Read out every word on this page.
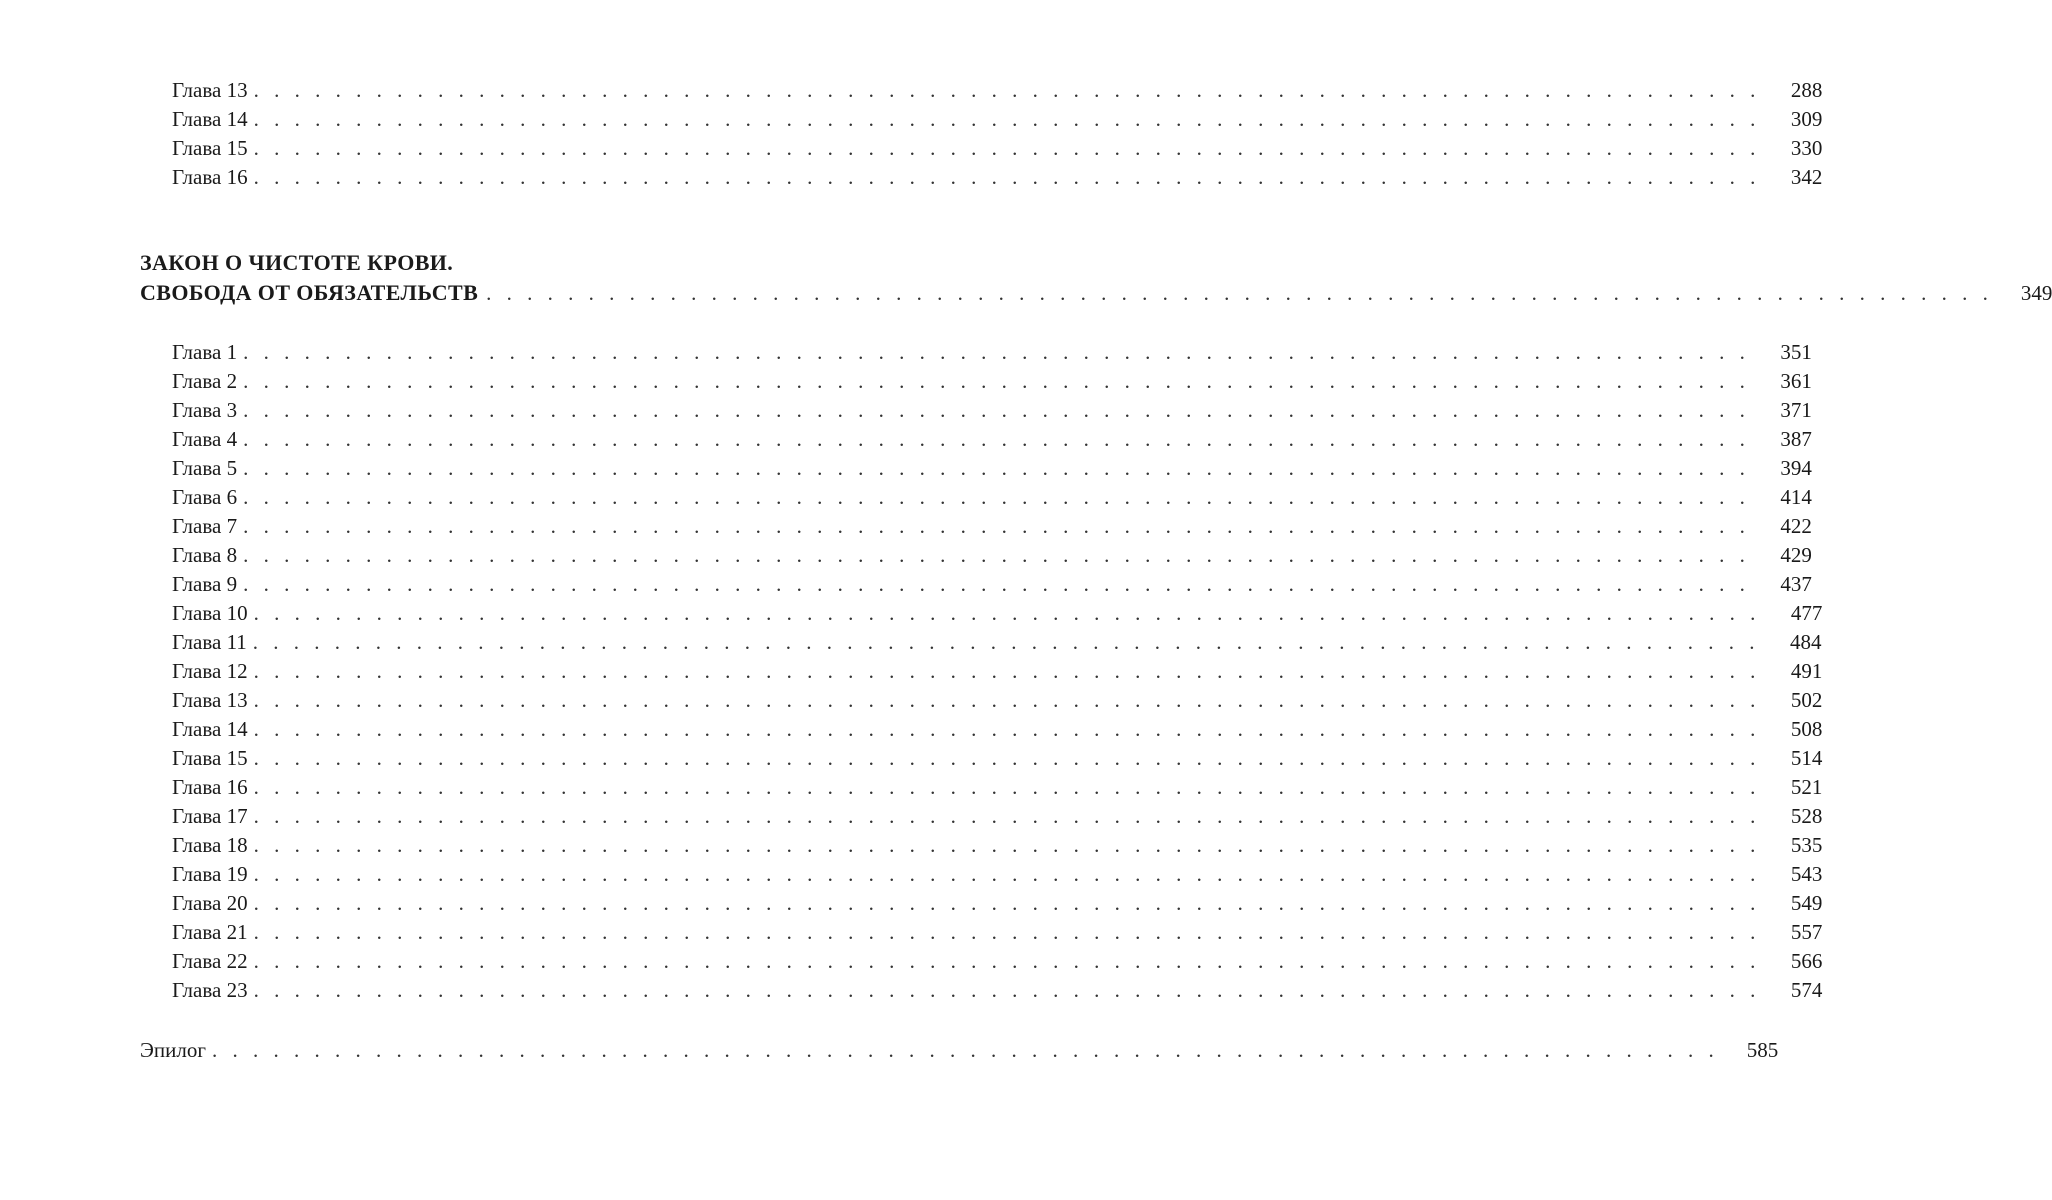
Глава 13 . . . . . . . . . . . . . . . . . . . . . . . . . . . . . . . . . . . . . . . . . . . . . . . . . . . . . . . . . . . . . . . . . . . . . . . . . . 288
Глава 14 . . . . . . . . . . . . . . . . . . . . . . . . . . . . . . . . . . . . . . . . . . . . . . . . . . . . . . . . . . . . . . . . . . . . . . . . . . 309
Глава 15 . . . . . . . . . . . . . . . . . . . . . . . . . . . . . . . . . . . . . . . . . . . . . . . . . . . . . . . . . . . . . . . . . . . . . . . . . . 330
Глава 16 . . . . . . . . . . . . . . . . . . . . . . . . . . . . . . . . . . . . . . . . . . . . . . . . . . . . . . . . . . . . . . . . . . . . . . . . . . 342
ЗАКОН О ЧИСТОТЕ КРОВИ.
СВОБОДА ОТ ОБЯЗАТЕЛЬСТВ . . . . . . . . . . . . . . . . . . . . . . . . . . . . . . . . . . . . . . . . . . . . . . . . . . . . . . . . . . . . . . . . . . . . . . . . . . 349
Глава 1 . . . . . . . . . . . . . . . . . . . . . . . . . . . . . . . . . . . . . . . . . . . . . . . . . . . . . . . . . . . . . . . . . . . . . . . . . . 351
Глава 2 . . . . . . . . . . . . . . . . . . . . . . . . . . . . . . . . . . . . . . . . . . . . . . . . . . . . . . . . . . . . . . . . . . . . . . . . . . 361
Глава 3 . . . . . . . . . . . . . . . . . . . . . . . . . . . . . . . . . . . . . . . . . . . . . . . . . . . . . . . . . . . . . . . . . . . . . . . . . . 371
Глава 4 . . . . . . . . . . . . . . . . . . . . . . . . . . . . . . . . . . . . . . . . . . . . . . . . . . . . . . . . . . . . . . . . . . . . . . . . . . 387
Глава 5 . . . . . . . . . . . . . . . . . . . . . . . . . . . . . . . . . . . . . . . . . . . . . . . . . . . . . . . . . . . . . . . . . . . . . . . . . . 394
Глава 6 . . . . . . . . . . . . . . . . . . . . . . . . . . . . . . . . . . . . . . . . . . . . . . . . . . . . . . . . . . . . . . . . . . . . . . . . . . 414
Глава 7 . . . . . . . . . . . . . . . . . . . . . . . . . . . . . . . . . . . . . . . . . . . . . . . . . . . . . . . . . . . . . . . . . . . . . . . . . . 422
Глава 8 . . . . . . . . . . . . . . . . . . . . . . . . . . . . . . . . . . . . . . . . . . . . . . . . . . . . . . . . . . . . . . . . . . . . . . . . . . 429
Глава 9 . . . . . . . . . . . . . . . . . . . . . . . . . . . . . . . . . . . . . . . . . . . . . . . . . . . . . . . . . . . . . . . . . . . . . . . . . . 437
Глава 10 . . . . . . . . . . . . . . . . . . . . . . . . . . . . . . . . . . . . . . . . . . . . . . . . . . . . . . . . . . . . . . . . . . . . . . . . . . 477
Глава 11 . . . . . . . . . . . . . . . . . . . . . . . . . . . . . . . . . . . . . . . . . . . . . . . . . . . . . . . . . . . . . . . . . . . . . . . . . . 484
Глава 12 . . . . . . . . . . . . . . . . . . . . . . . . . . . . . . . . . . . . . . . . . . . . . . . . . . . . . . . . . . . . . . . . . . . . . . . . . . 491
Глава 13 . . . . . . . . . . . . . . . . . . . . . . . . . . . . . . . . . . . . . . . . . . . . . . . . . . . . . . . . . . . . . . . . . . . . . . . . . . 502
Глава 14 . . . . . . . . . . . . . . . . . . . . . . . . . . . . . . . . . . . . . . . . . . . . . . . . . . . . . . . . . . . . . . . . . . . . . . . . . . 508
Глава 15 . . . . . . . . . . . . . . . . . . . . . . . . . . . . . . . . . . . . . . . . . . . . . . . . . . . . . . . . . . . . . . . . . . . . . . . . . . 514
Глава 16 . . . . . . . . . . . . . . . . . . . . . . . . . . . . . . . . . . . . . . . . . . . . . . . . . . . . . . . . . . . . . . . . . . . . . . . . . . 521
Глава 17 . . . . . . . . . . . . . . . . . . . . . . . . . . . . . . . . . . . . . . . . . . . . . . . . . . . . . . . . . . . . . . . . . . . . . . . . . . 528
Глава 18 . . . . . . . . . . . . . . . . . . . . . . . . . . . . . . . . . . . . . . . . . . . . . . . . . . . . . . . . . . . . . . . . . . . . . . . . . . 535
Глава 19 . . . . . . . . . . . . . . . . . . . . . . . . . . . . . . . . . . . . . . . . . . . . . . . . . . . . . . . . . . . . . . . . . . . . . . . . . . 543
Глава 20 . . . . . . . . . . . . . . . . . . . . . . . . . . . . . . . . . . . . . . . . . . . . . . . . . . . . . . . . . . . . . . . . . . . . . . . . . . 549
Глава 21 . . . . . . . . . . . . . . . . . . . . . . . . . . . . . . . . . . . . . . . . . . . . . . . . . . . . . . . . . . . . . . . . . . . . . . . . . . 557
Глава 22 . . . . . . . . . . . . . . . . . . . . . . . . . . . . . . . . . . . . . . . . . . . . . . . . . . . . . . . . . . . . . . . . . . . . . . . . . . 566
Глава 23 . . . . . . . . . . . . . . . . . . . . . . . . . . . . . . . . . . . . . . . . . . . . . . . . . . . . . . . . . . . . . . . . . . . . . . . . . . 574
Эпилог . . . . . . . . . . . . . . . . . . . . . . . . . . . . . . . . . . . . . . . . . . . . . . . . . . . . . . . . . . . . . . . . . . . . . . . . . . 585
